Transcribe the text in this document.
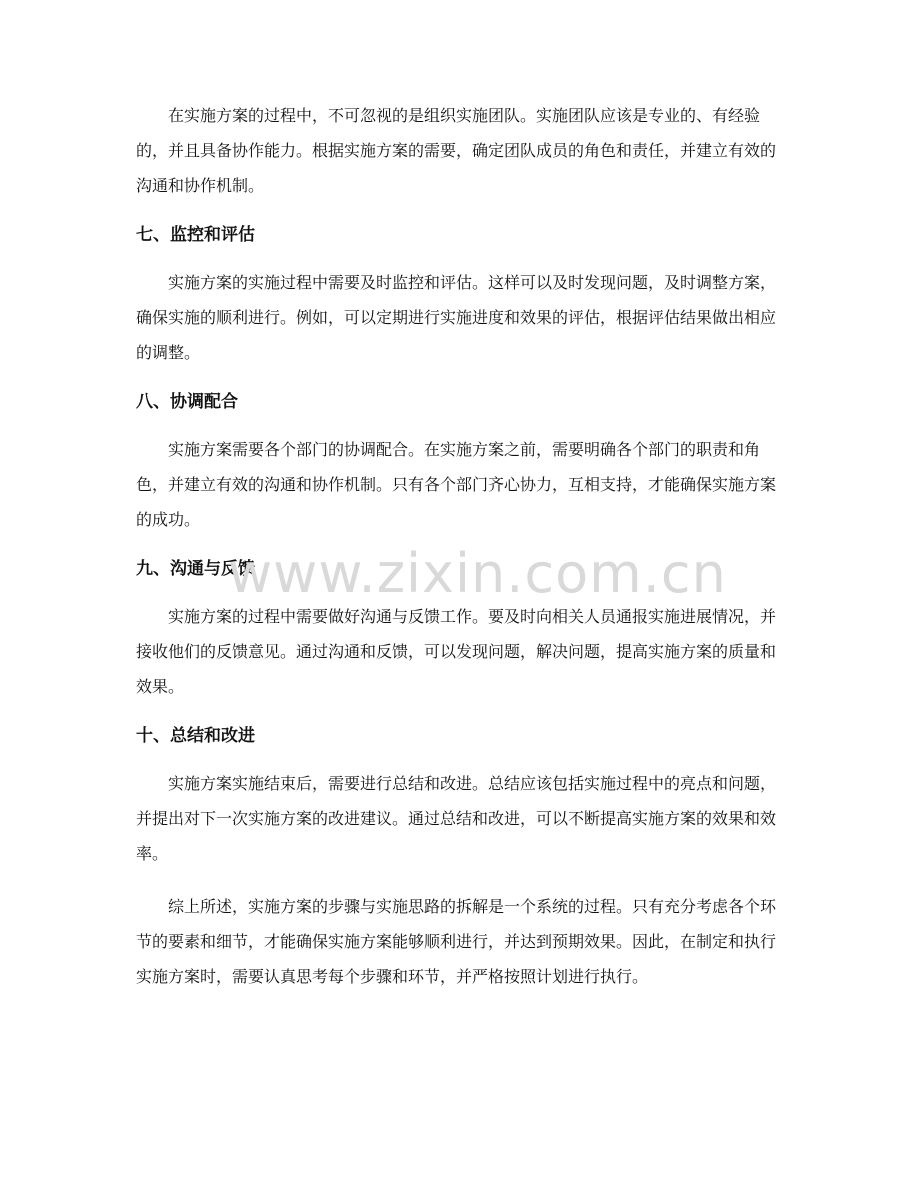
在实施方案的过程中，不可忽视的是组织实施团队。实施团队应该是专业的、有经验的，并且具备协作能力。根据实施方案的需要，确定团队成员的角色和责任，并建立有效的沟通和协作机制。

七、监控和评估

实施方案的实施过程中需要及时监控和评估。这样可以及时发现问题，及时调整方案，确保实施的顺利进行。例如，可以定期进行实施进度和效果的评估，根据评估结果做出相应的调整。

八、协调配合

实施方案需要各个部门的协调配合。在实施方案之前，需要明确各个部门的职责和角色，并建立有效的沟通和协作机制。只有各个部门齐心协力，互相支持，才能确保实施方案的成功。

九、沟通与反馈

实施方案的过程中需要做好沟通与反馈工作。要及时向相关人员通报实施进展情况，并接收他们的反馈意见。通过沟通和反馈，可以发现问题，解决问题，提高实施方案的质量和效果。

十、总结和改进

实施方案实施结束后，需要进行总结和改进。总结应该包括实施过程中的亮点和问题，并提出对下一次实施方案的改进建议。通过总结和改进，可以不断提高实施方案的效果和效率。

综上所述，实施方案的步骤与实施思路的拆解是一个系统的过程。只有充分考虑各个环节的要素和细节，才能确保实施方案能够顺利进行，并达到预期效果。因此，在制定和执行实施方案时，需要认真思考每个步骤和环节，并严格按照计划进行执行。

www.zixin.com.cn
